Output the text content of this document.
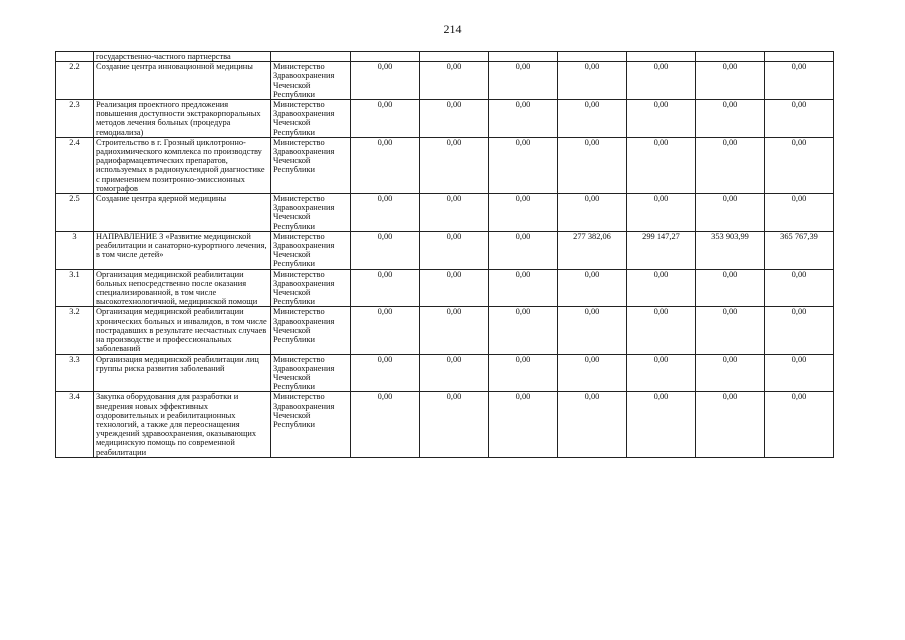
214
	государственно-частного партнерства								
2.2	Создание центра инновационной медицины	Министерство Здравоохранения Чеченской Республики	0,00	0,00	0,00	0,00	0,00	0,00	0,00
2.3	Реализация проектного предложения повышения доступности экстракорпоральных методов лечения больных (процедура гемодиализа)	Министерство Здравоохранения Чеченской Республики	0,00	0,00	0,00	0,00	0,00	0,00	0,00
2.4	Строительство в г. Грозный циклотронно-радиохимического комплекса по производству радиофармацевтических препаратов, используемых в радионуклеидной диагностике с применением позитронно-эмиссионных томографов	Министерство Здравоохранения Чеченской Республики	0,00	0,00	0,00	0,00	0,00	0,00	0,00
2.5	Создание центра ядерной медицины	Министерство Здравоохранения Чеченской Республики	0,00	0,00	0,00	0,00	0,00	0,00	0,00
3	НАПРАВЛЕНИЕ 3 «Развитие медицинской реабилитации и санаторно-курортного лечения, в том числе детей»	Министерство Здравоохранения Чеченской Республики	0,00	0,00	0,00	277 382,06	299 147,27	353 903,99	365 767,39
3.1	Организация медицинской реабилитации больных непосредственно после оказания специализированной, в том числе высокотехнологичной, медицинской помощи	Министерство Здравоохранения Чеченской Республики	0,00	0,00	0,00	0,00	0,00	0,00	0,00
3.2	Организация медицинской реабилитации хронических больных и инвалидов, в том числе пострадавших в результате несчастных случаев на производстве и профессиональных заболеваний	Министерство Здравоохранения Чеченской Республики	0,00	0,00	0,00	0,00	0,00	0,00	0,00
3.3	Организация медицинской реабилитации лиц группы риска развития заболеваний	Министерство Здравоохранения Чеченской Республики	0,00	0,00	0,00	0,00	0,00	0,00	0,00
3.4	Закупка оборудования для разработки и внедрения новых эффективных оздоровительных и реабилитационных технологий, а также для переоснащения учреждений здравоохранения, оказывающих медицинскую помощь по современной реабилитации	Министерство Здравоохранения Чеченской Республики	0,00	0,00	0,00	0,00	0,00	0,00	0,00
